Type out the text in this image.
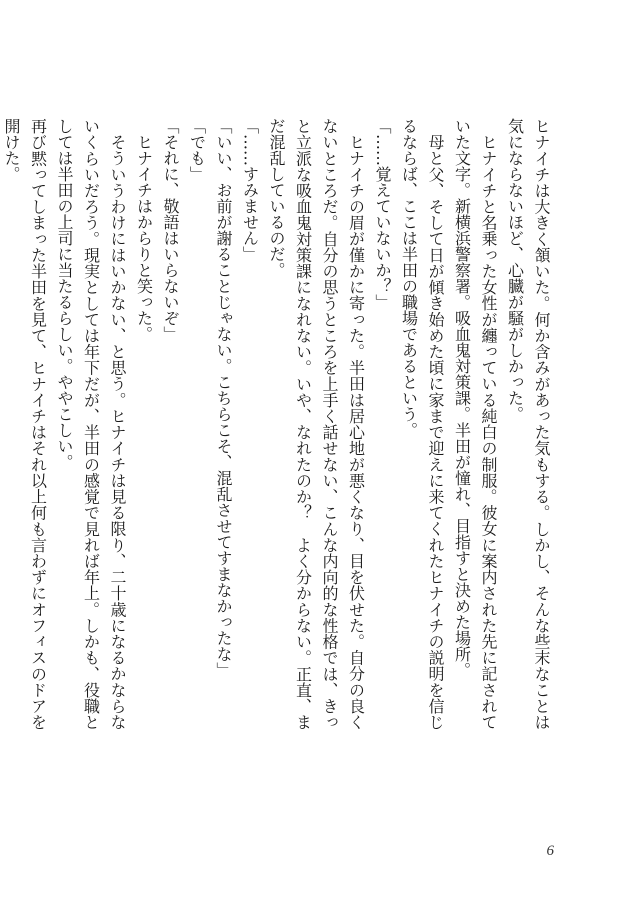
ヒナイチは大きく頷いた。何か含みがあった気もする。しかし、そんな些末なことは気にならないほど、心臓が騒がしかった。

ヒナイチと名乗った女性が纏っている純白の制服。彼女に案内された先に記されていた文字。新横浜警察署。吸血鬼対策課。半田が憧れ、目指すと決めた場所。

母と父、そして日が傾き始めた頃に家まで迎えに来てくれたヒナイチの説明を信じるならば、ここは半田の職場であるという。

「……覚えていないか？」

ヒナイチの眉が僅かに寄った。半田は居心地が悪くなり、目を伏せた。自分の良くないところだ。自分の思うところを上手く話せない、こんな内向的な性格では、きっと立派な吸血鬼対策課になれない。いや、なれたのか？　よく分からない。正直、まだ混乱しているのだ。

「……すみません」

「いい、お前が謝ることじゃない。こちらこそ、混乱させてすまなかったな」

「でも」

「それに、敬語はいらないぞ」

ヒナイチはからりと笑った。

そういうわけにはいかない、と思う。ヒナイチは見る限り、二十歳になるかならないくらいだろう。現実としては年下だが、半田の感覚で見れば年上。しかも、役職としては半田の上司に当たるらしい。ややこしい。

再び黙ってしまった半田を見て、ヒナイチはそれ以上何も言わずにオフィスのドアを開けた。

6
